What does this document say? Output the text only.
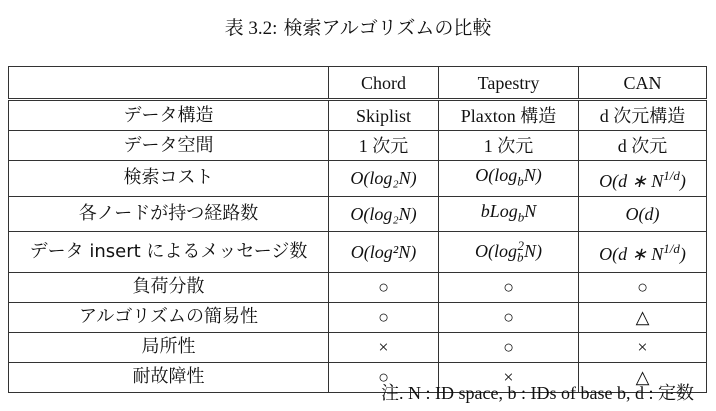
表 3.2: 検索アルゴリズムの比較
	Chord	Tapestry	CAN
データ構造	Skiplist	Plaxton 構造	d 次元構造
データ空間	1 次元	1 次元	d 次元
検索コスト	O(log₂N)	$O(\log_bN)$	O(d ∗ $N^{1/d}$)
各ノードが持つ経路数	O(log₂N)	bLog$_b$N	O(d)
データ insert によるメッセージ数	O(log²N)	$O(\log_b^2N)$	O(d ∗ $N^{1/d}$)
負荷分散	○	○	○
アルゴリズムの簡易性	○	○	△
局所性	×	○	×
耐故障性	○	×	△
注. N : ID space, b : IDs of base b, d : 定数
